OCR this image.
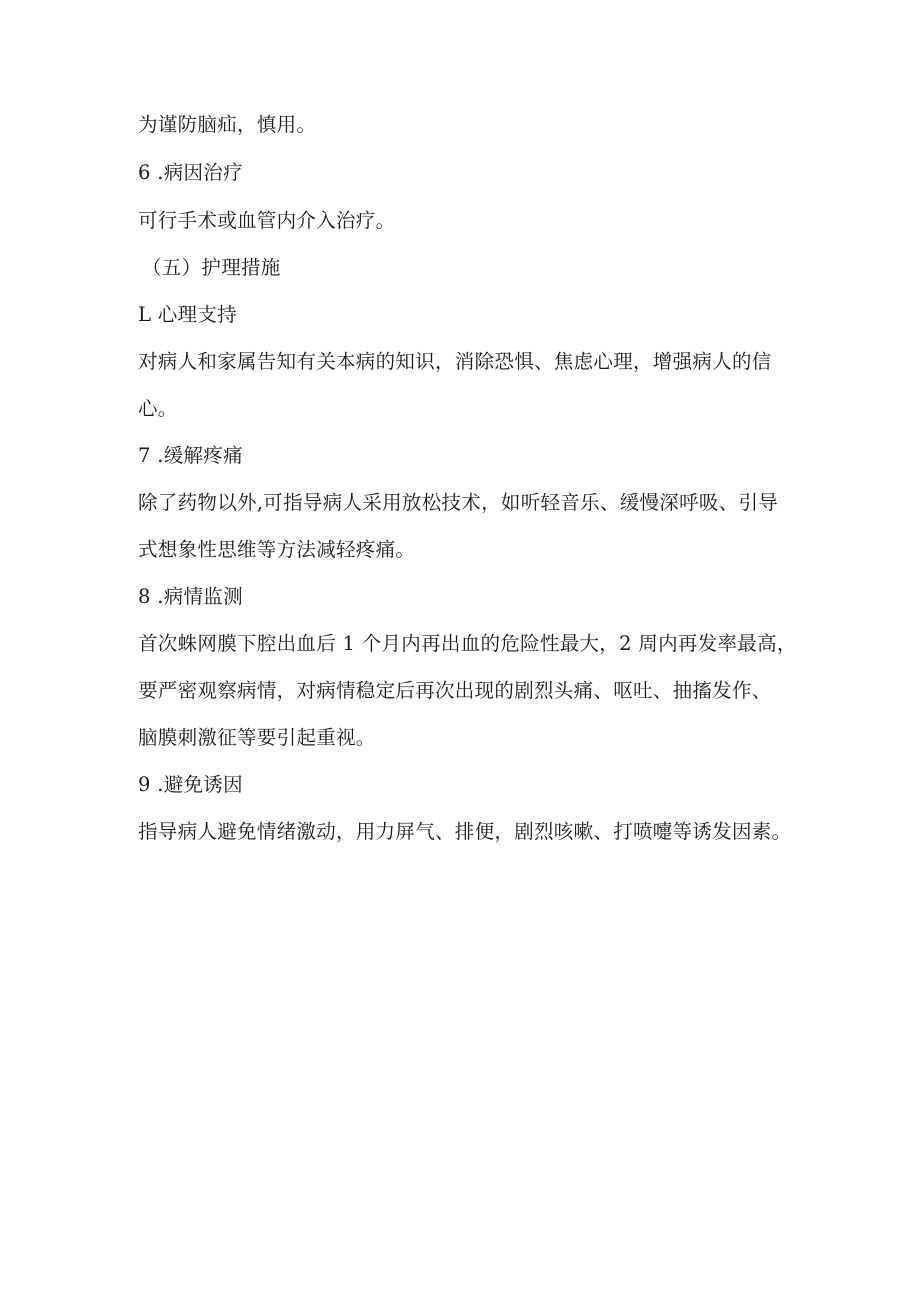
为谨防脑疝，慎用。

6 .病因治疗

可行手术或血管内介入治疗。

（五）护理措施

L 心理支持

对病人和家属告知有关本病的知识，消除恐惧、焦虑心理，增强病人的信

心。

7 .缓解疼痛

除了药物以外,可指导病人采用放松技术，如听轻音乐、缓慢深呼吸、引导

式想象性思维等方法减轻疼痛。

8 .病情监测

首次蛛网膜下腔出血后 1 个月内再出血的危险性最大，2 周内再发率最高，

要严密观察病情，对病情稳定后再次出现的剧烈头痛、呕吐、抽搐发作、

脑膜刺激征等要引起重视。

9 .避免诱因

指导病人避免情绪激动，用力屏气、排便，剧烈咳嗽、打喷嚏等诱发因素。
